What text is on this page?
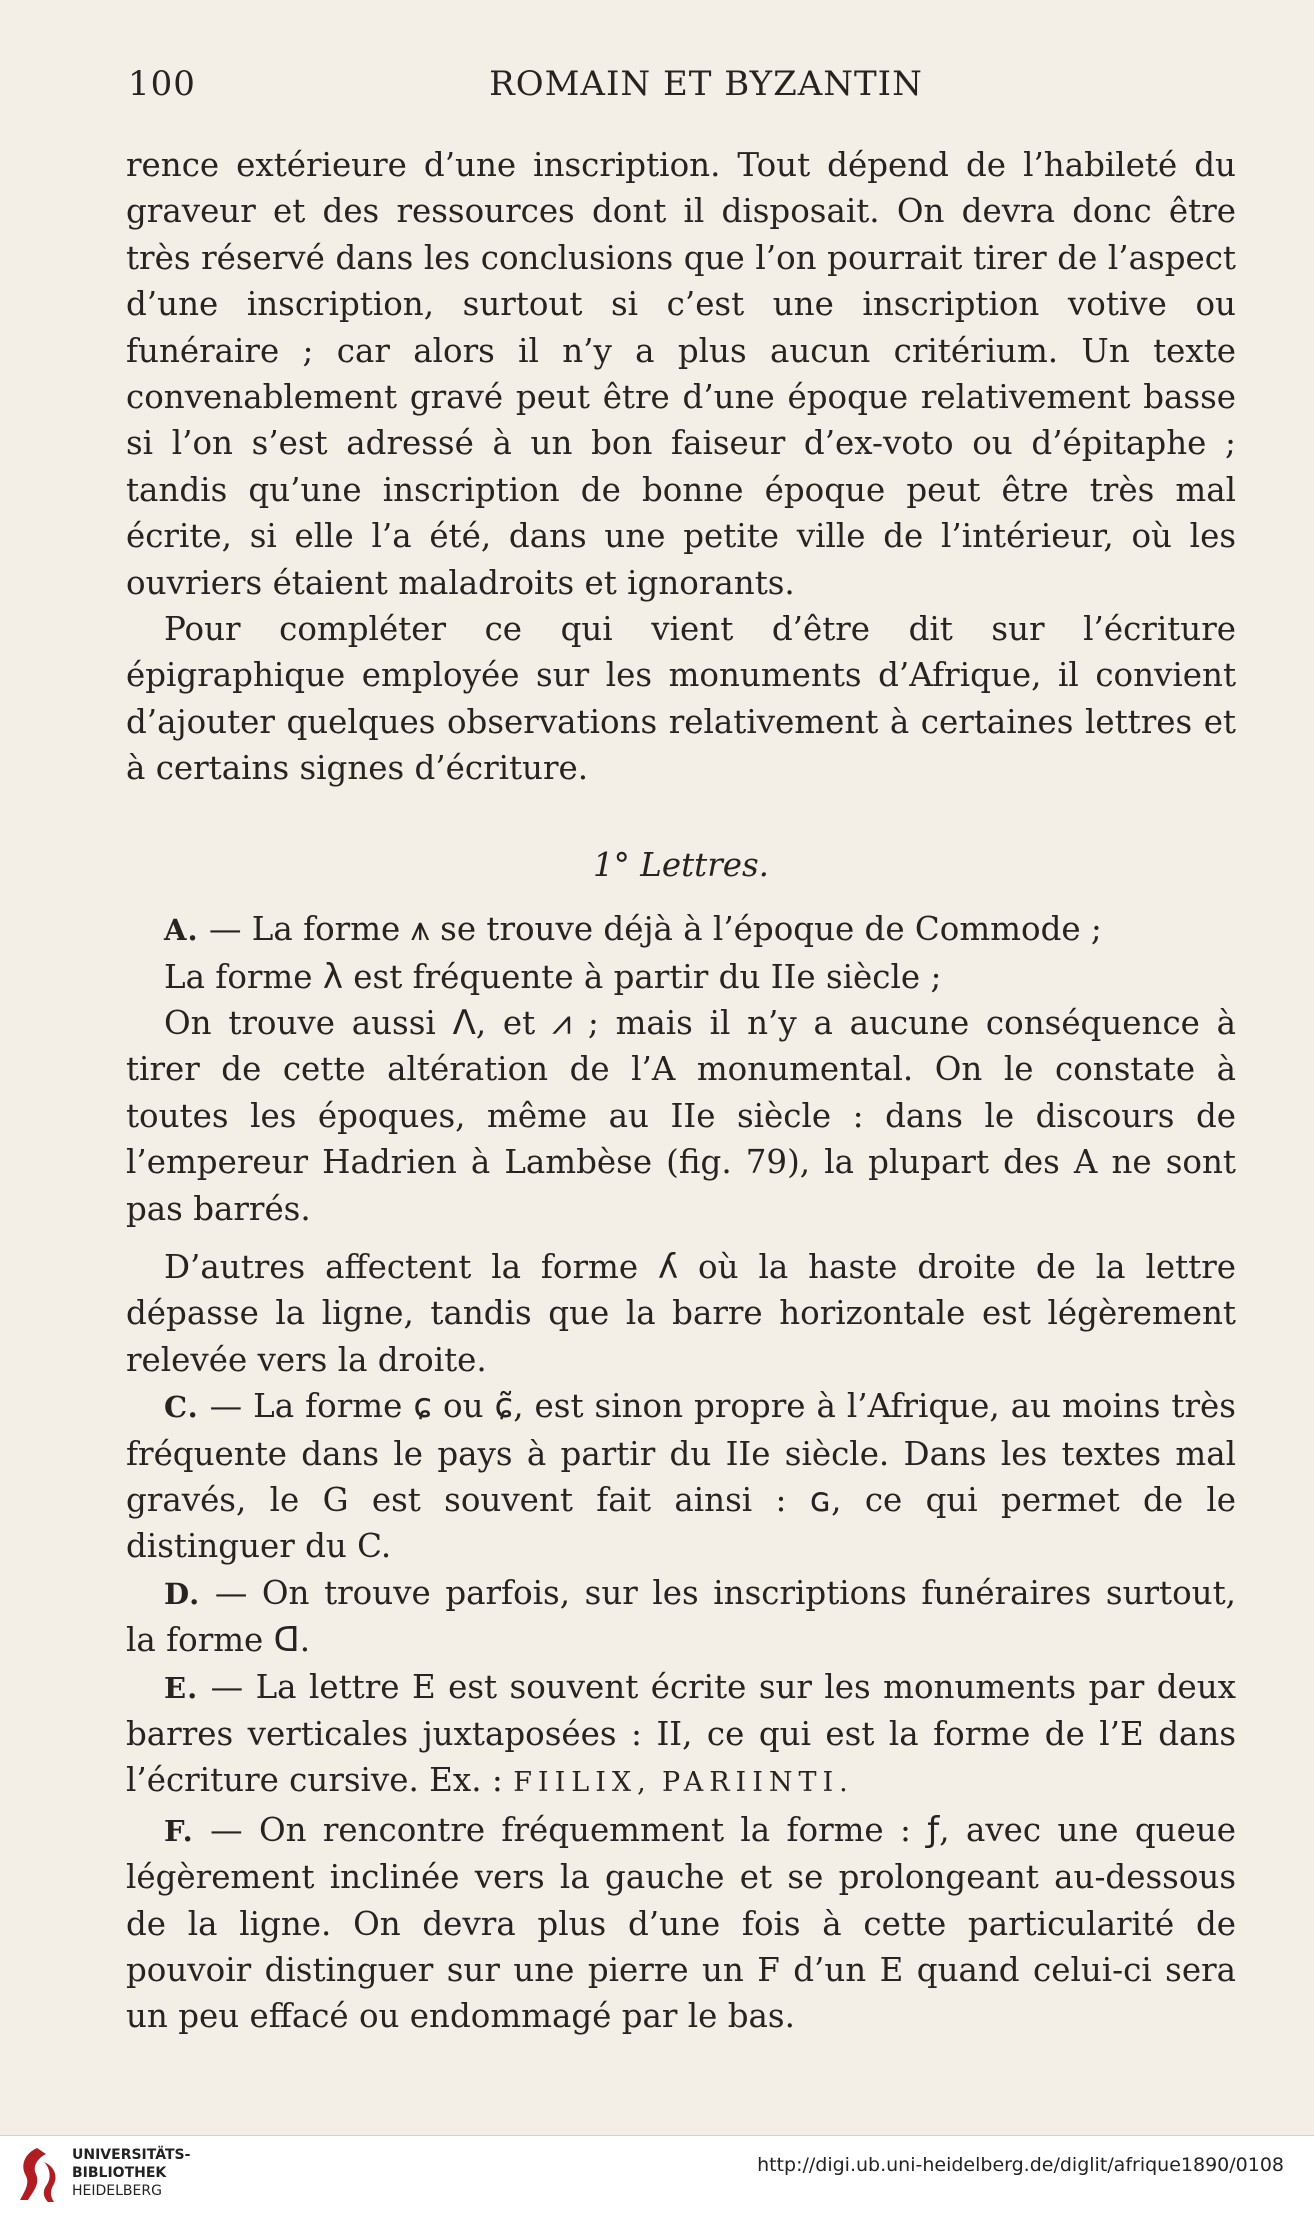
100	ROMAIN ET BYZANTIN

rence extérieure d’une inscription. Tout dépend de l’habileté du graveur et des ressources dont il disposait. On devra donc être très réservé dans les conclusions que l’on pourrait tirer de l’aspect d’une inscription, surtout si c’est une inscription votive ou funéraire ; car alors il n’y a plus aucun critérium. Un texte convenablement gravé peut être d’une époque relativement basse si l’on s’est adressé à un bon faiseur d’ex-voto ou d’épitaphe ; tandis qu’une inscription de bonne époque peut être très mal écrite, si elle l’a été, dans une petite ville de l’intérieur, où les ouvriers étaient maladroits et ignorants.

Pour compléter ce qui vient d’être dit sur l’écriture épigraphique employée sur les monuments d’Afrique, il convient d’ajouter quelques observations relativement à certaines lettres et à certains signes d’écriture.

1° Lettres.

A. — La forme ⩚ se trouve déjà à l’époque de Commode ;

La forme λ est fréquente à partir du IIe siècle ;

On trouve aussi Λ, et ⩘ ; mais il n’y a aucune conséquence à tirer de cette altération de l’A monumental. On le constate à toutes les époques, même au IIe siècle : dans le discours de l’empereur Hadrien à Lambèse (fig. 79), la plupart des A ne sont pas barrés.

D’autres affectent la forme ʎ où la haste droite de la lettre dépasse la ligne, tandis que la barre horizontale est légèrement relevée vers la droite.

C. — La forme ɕ ou ɕ̃, est sinon propre à l’Afrique, au moins très fréquente dans le pays à partir du IIe siècle. Dans les textes mal gravés, le G est souvent fait ainsi : ɢ, ce qui permet de le distinguer du C.

D. — On trouve parfois, sur les inscriptions funéraires surtout, la forme ᗡ.

E. — La lettre E est souvent écrite sur les monuments par deux barres verticales juxtaposées : II, ce qui est la forme de l’E dans l’écriture cursive. Ex. : FIILIX, PARIINTI.

F. — On rencontre fréquemment la forme : ƒ, avec une queue légèrement inclinée vers la gauche et se prolongeant au-dessous de la ligne. On devra plus d’une fois à cette particularité de pouvoir distinguer sur une pierre un F d’un E quand celui-ci sera un peu effacé ou endommagé par le bas.

UNIVERSITÄTS-
BIBLIOTHEK
HEIDELBERG
http://digi.ub.uni-heidelberg.de/diglit/afrique1890/0108
